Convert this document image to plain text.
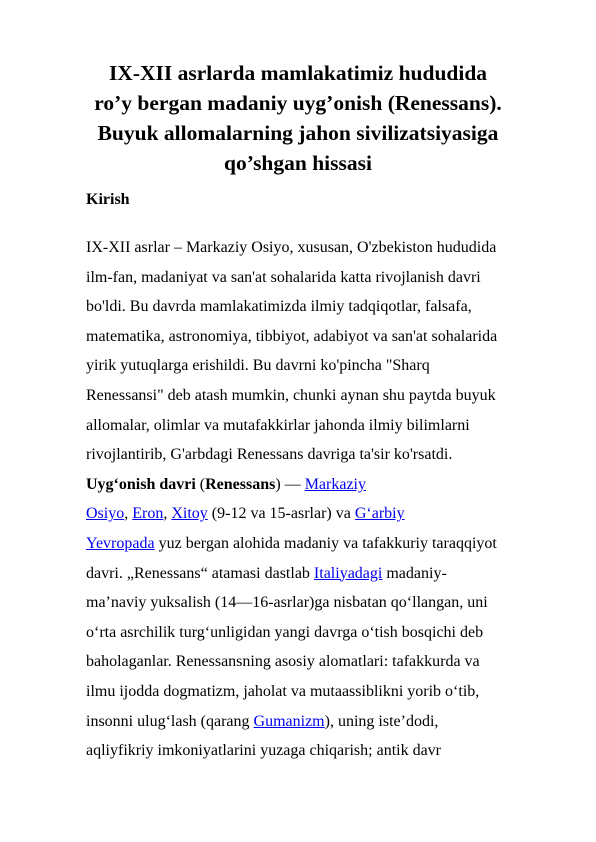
IX-XII asrlarda mamlakatimiz hududida
ro’y bergan madaniy uyg’onish (Renessans).
Buyuk allomalarning jahon sivilizatsiyasiga
qo’shgan hissasi
Kirish
IX-XII asrlar – Markaziy Osiyo, xususan, O'zbekiston hududida
ilm-fan, madaniyat va san'at sohalarida katta rivojlanish davri
bo'ldi. Bu davrda mamlakatimizda ilmiy tadqiqotlar, falsafa,
matematika, astronomiya, tibbiyot, adabiyot va san'at sohalarida
yirik yutuqlarga erishildi. Bu davrni ko'pincha "Sharq
Renessansi" deb atash mumkin, chunki aynan shu paytda buyuk
allomalar, olimlar va mutafakkirlar jahonda ilmiy bilimlarni
rivojlantirib, G'arbdagi Renessans davriga ta'sir ko'rsatdi.
Uyg‘onish davri (Renessans) — Markaziy
Osiyo, Eron, Xitoy (9-12 va 15-asrlar) va G‘arbiy
Yevropada yuz bergan alohida madaniy va tafakkuriy taraqqiyot
davri. „Renessans“ atamasi dastlab Italiyadagi madaniy-
ma’naviy yuksalish (14—16-asrlar)ga nisbatan qo‘llangan, uni
o‘rta asrchilik turg‘unligidan yangi davrga o‘tish bosqichi deb
baholaganlar. Renessansning asosiy alomatlari: tafakkurda va
ilmu ijodda dogmatizm, jaholat va mutaassiblikni yorib o‘tib,
insonni ulug‘lash (qarang Gumanizm), uning iste’dodi,
aqliyfikriy imkoniyatlarini yuzaga chiqarish; antik davr
